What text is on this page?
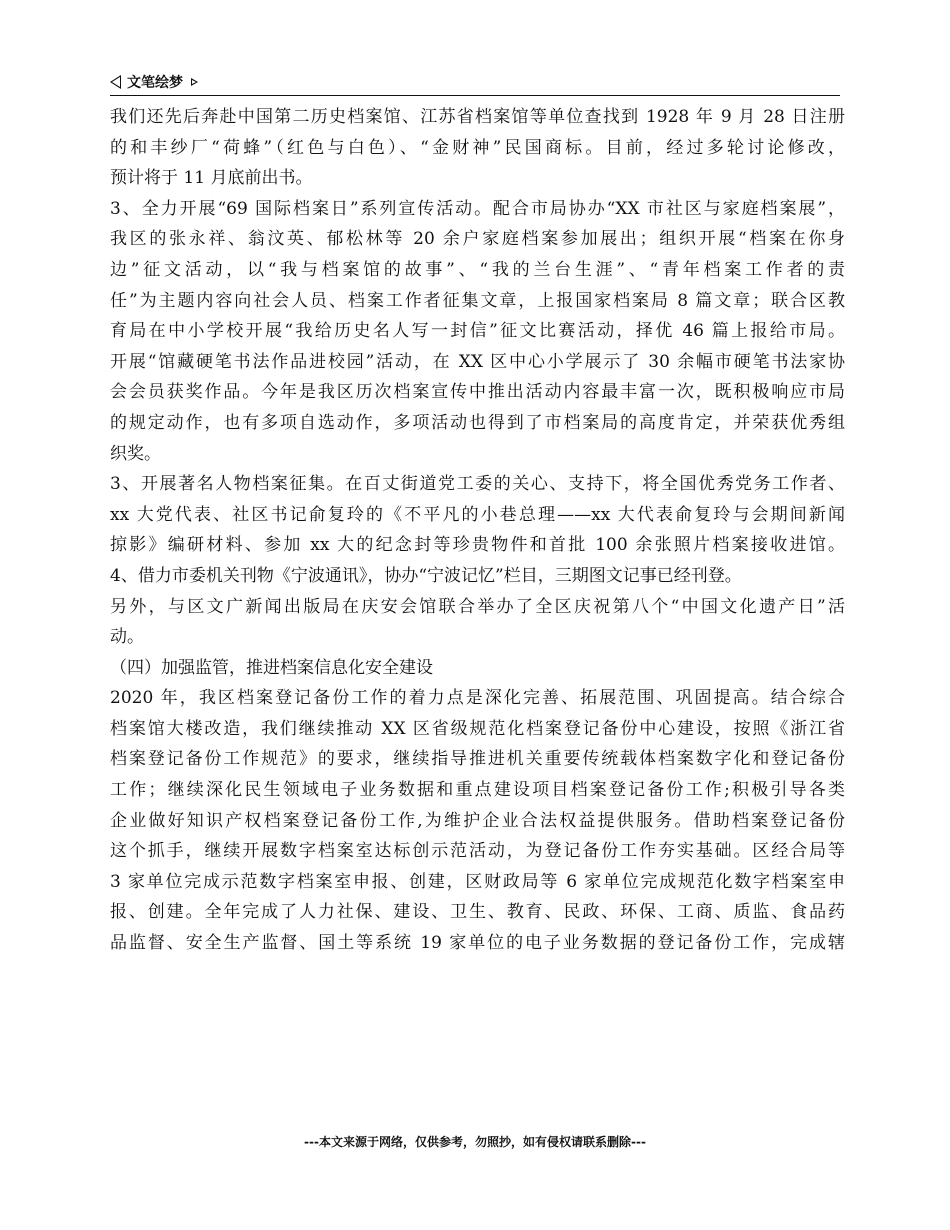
文笔绘梦
我们还先后奔赴中国第二历史档案馆、江苏省档案馆等单位查找到 1928 年 9 月 28 日注册
的和丰纱厂“荷蜂”（红色与白色）、“金财神”民国商标。目前，经过多轮讨论修改，
预计将于 11 月底前出书。
3、全力开展“69 国际档案日”系列宣传活动。配合市局协办“XX 市社区与家庭档案展”，
我区的张永祥、翁汶英、郁松林等 20 余户家庭档案参加展出；组织开展“档案在你身
边”征文活动，以“我与档案馆的故事”、“我的兰台生涯”、“青年档案工作者的责
任”为主题内容向社会人员、档案工作者征集文章，上报国家档案局 8 篇文章；联合区教
育局在中小学校开展“我给历史名人写一封信”征文比赛活动，择优 46 篇上报给市局。
开展“馆藏硬笔书法作品进校园”活动，在 XX 区中心小学展示了 30 余幅市硬笔书法家协
会会员获奖作品。今年是我区历次档案宣传中推出活动内容最丰富一次，既积极响应市局
的规定动作，也有多项自选动作，多项活动也得到了市档案局的高度肯定，并荣获优秀组
织奖。
3、开展著名人物档案征集。在百丈街道党工委的关心、支持下，将全国优秀党务工作者、
xx 大党代表、社区书记俞复玲的《不平凡的小巷总理——xx 大代表俞复玲与会期间新闻
掠影》编研材料、参加 xx 大的纪念封等珍贵物件和首批 100 余张照片档案接收进馆。
4、借力市委机关刊物《宁波通讯》，协办“宁波记忆”栏目，三期图文记事已经刊登。
另外，与区文广新闻出版局在庆安会馆联合举办了全区庆祝第八个“中国文化遗产日”活
动。
（四）加强监管，推进档案信息化安全建设
2020 年，我区档案登记备份工作的着力点是深化完善、拓展范围、巩固提高。结合综合
档案馆大楼改造，我们继续推动 XX 区省级规范化档案登记备份中心建设，按照《浙江省
档案登记备份工作规范》的要求，继续指导推进机关重要传统载体档案数字化和登记备份
工作；继续深化民生领域电子业务数据和重点建设项目档案登记备份工作;积极引导各类
企业做好知识产权档案登记备份工作,为维护企业合法权益提供服务。借助档案登记备份
这个抓手，继续开展数字档案室达标创示范活动，为登记备份工作夯实基础。区经合局等
3 家单位完成示范数字档案室申报、创建，区财政局等 6 家单位完成规范化数字档案室申
报、创建。全年完成了人力社保、建设、卫生、教育、民政、环保、工商、质监、食品药
品监督、安全生产监督、国土等系统 19 家单位的电子业务数据的登记备份工作，完成辖
---本文来源于网络，仅供参考，勿照抄，如有侵权请联系删除---
